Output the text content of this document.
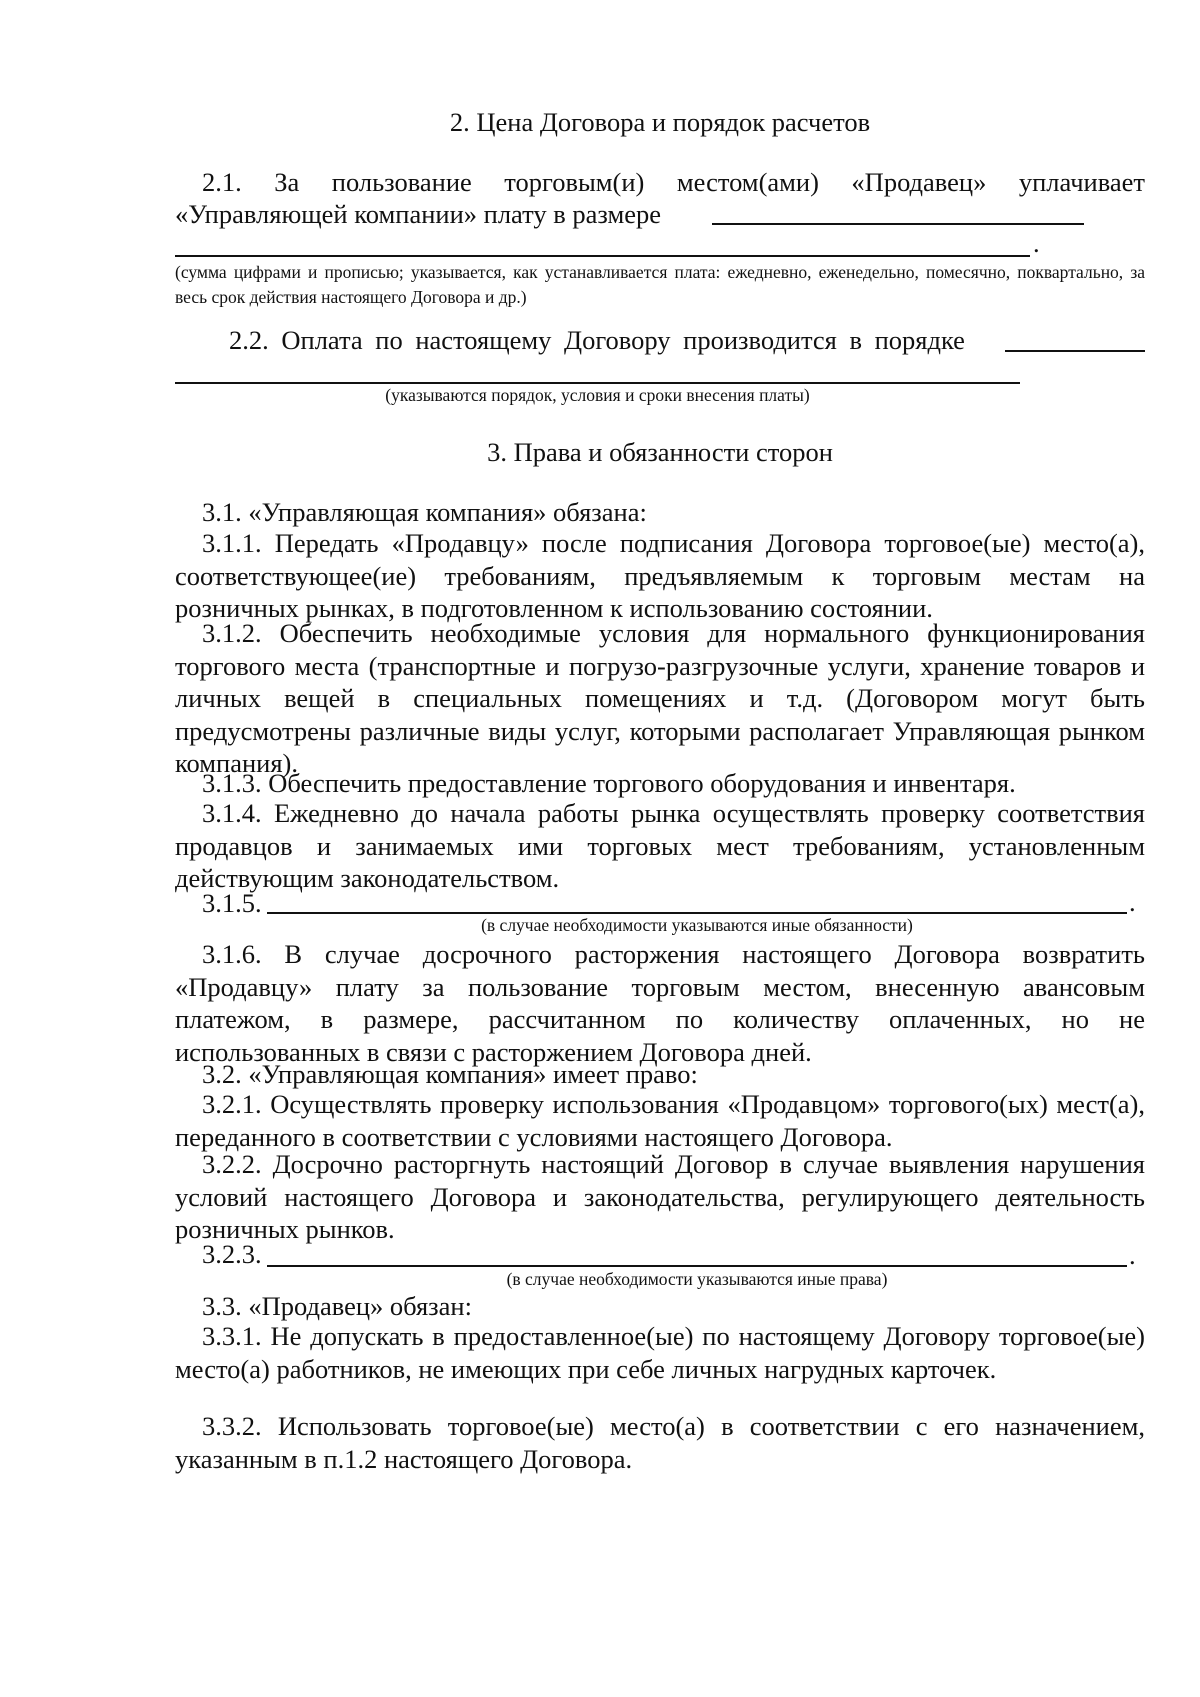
2. Цена Договора и порядок расчетов
2.1. За пользование торговым(и) местом(ами) «Продавец» уплачивает
«Управляющей компании» плату в размере
.
(сумма цифрами и прописью; указывается, как устанавливается плата: ежедневно, еженедельно, помесячно, поквартально, за весь срок действия настоящего Договора и др.)
2.2. Оплата по настоящему Договору производится в порядке
(указываются порядок, условия и сроки внесения платы)
3. Права и обязанности сторон
3.1. «Управляющая компания» обязана:
3.1.1. Передать «Продавцу» после подписания Договора торговое(ые) место(а), соответствующее(ие) требованиям, предъявляемым к торговым местам на розничных рынках, в подготовленном к использованию состоянии.
3.1.2. Обеспечить необходимые условия для нормального функционирования торгового места (транспортные и погрузо-разгрузочные услуги, хранение товаров и личных вещей в специальных помещениях и т.д. (Договором могут быть предусмотрены различные виды услуг, которыми располагает Управляющая рынком компания).
3.1.3. Обеспечить предоставление торгового оборудования и инвентаря.
3.1.4. Ежедневно до начала работы рынка осуществлять проверку соответствия продавцов и занимаемых ими торговых мест требованиям, установленным действующим законодательством.
3.1.5.	.
(в случае необходимости указываются иные обязанности)
3.1.6. В случае досрочного расторжения настоящего Договора возвратить «Продавцу» плату за пользование торговым местом, внесенную авансовым платежом, в размере, рассчитанном по количеству оплаченных, но не использованных в связи с расторжением Договора дней.
3.2. «Управляющая компания» имеет право:
3.2.1. Осуществлять проверку использования «Продавцом» торгового(ых) мест(а), переданного в соответствии с условиями настоящего Договора.
3.2.2. Досрочно расторгнуть настоящий Договор в случае выявления нарушения условий настоящего Договора и законодательства, регулирующего деятельность розничных рынков.
3.2.3.	.
(в случае необходимости указываются иные права)
3.3. «Продавец» обязан:
3.3.1. Не допускать в предоставленное(ые) по настоящему Договору торговое(ые) место(а) работников, не имеющих при себе личных нагрудных карточек.
3.3.2. Использовать торговое(ые) место(а) в соответствии с его назначением, указанным в п.1.2 настоящего Договора.
